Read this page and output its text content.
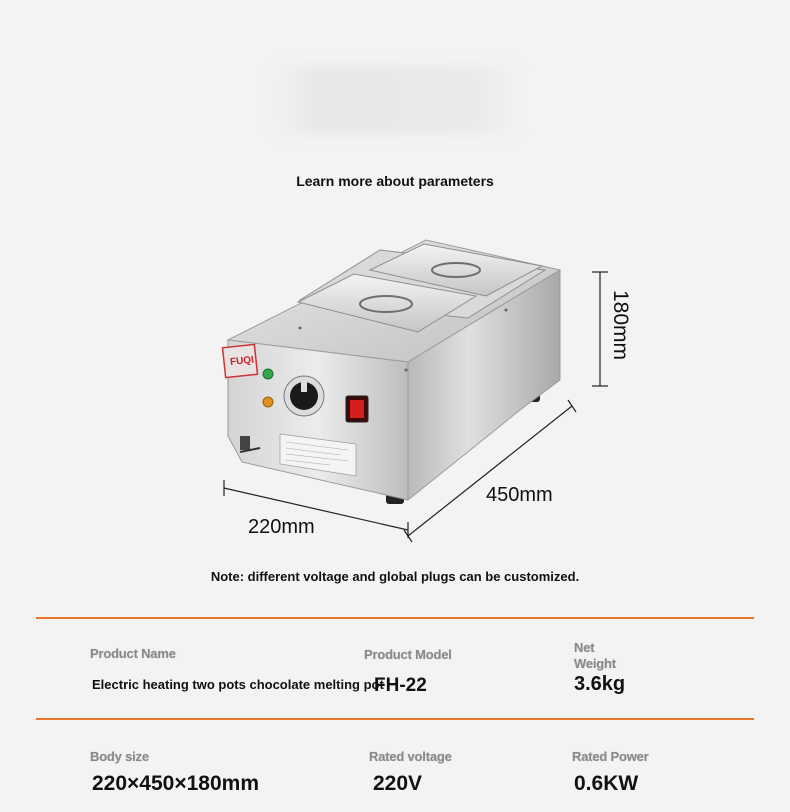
Learn more about parameters
FUQI
180mm
450mm
220mm
Note: different voltage and global plugs can be customized.
Product Name
Electric heating two pots chocolate melting pot
Product Model
FH-22
Net Weight
3.6kg
Body size
220×450×180mm
Rated voltage
220V
Rated Power
0.6KW
